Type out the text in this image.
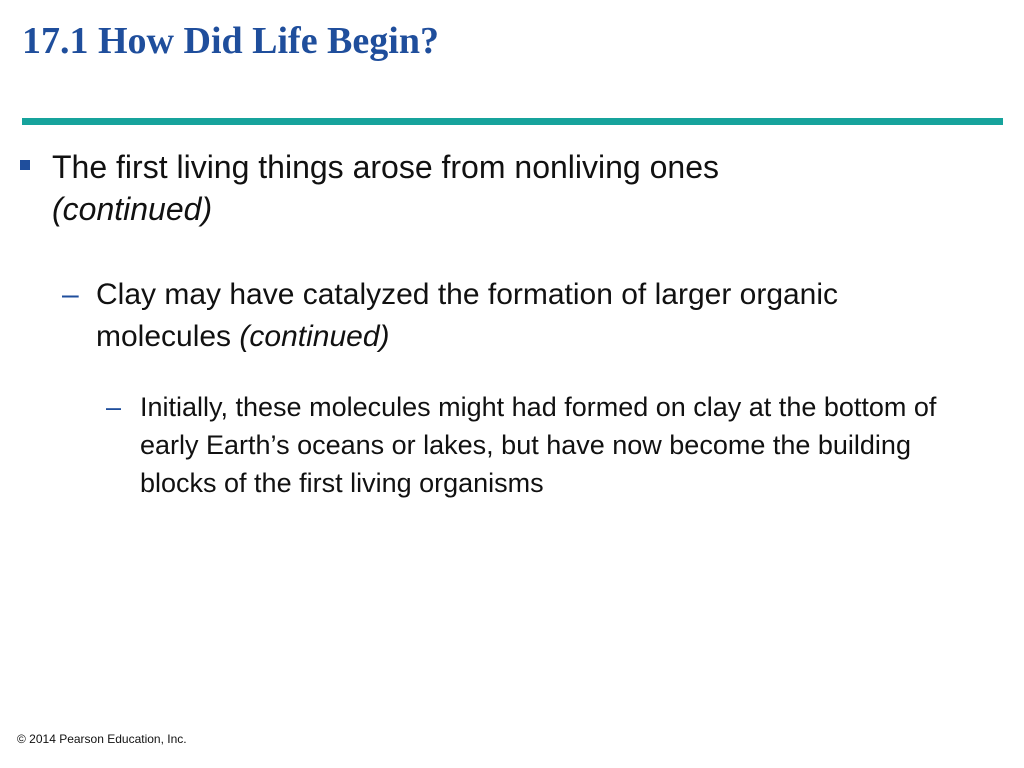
17.1 How Did Life Begin?
The first living things arose from nonliving ones
(continued)
– Clay may have catalyzed the formation of larger organic molecules (continued)
– Initially, these molecules might had formed on clay at the bottom of early Earth’s oceans or lakes, but have now become the building blocks of the first living organisms
© 2014 Pearson Education, Inc.
